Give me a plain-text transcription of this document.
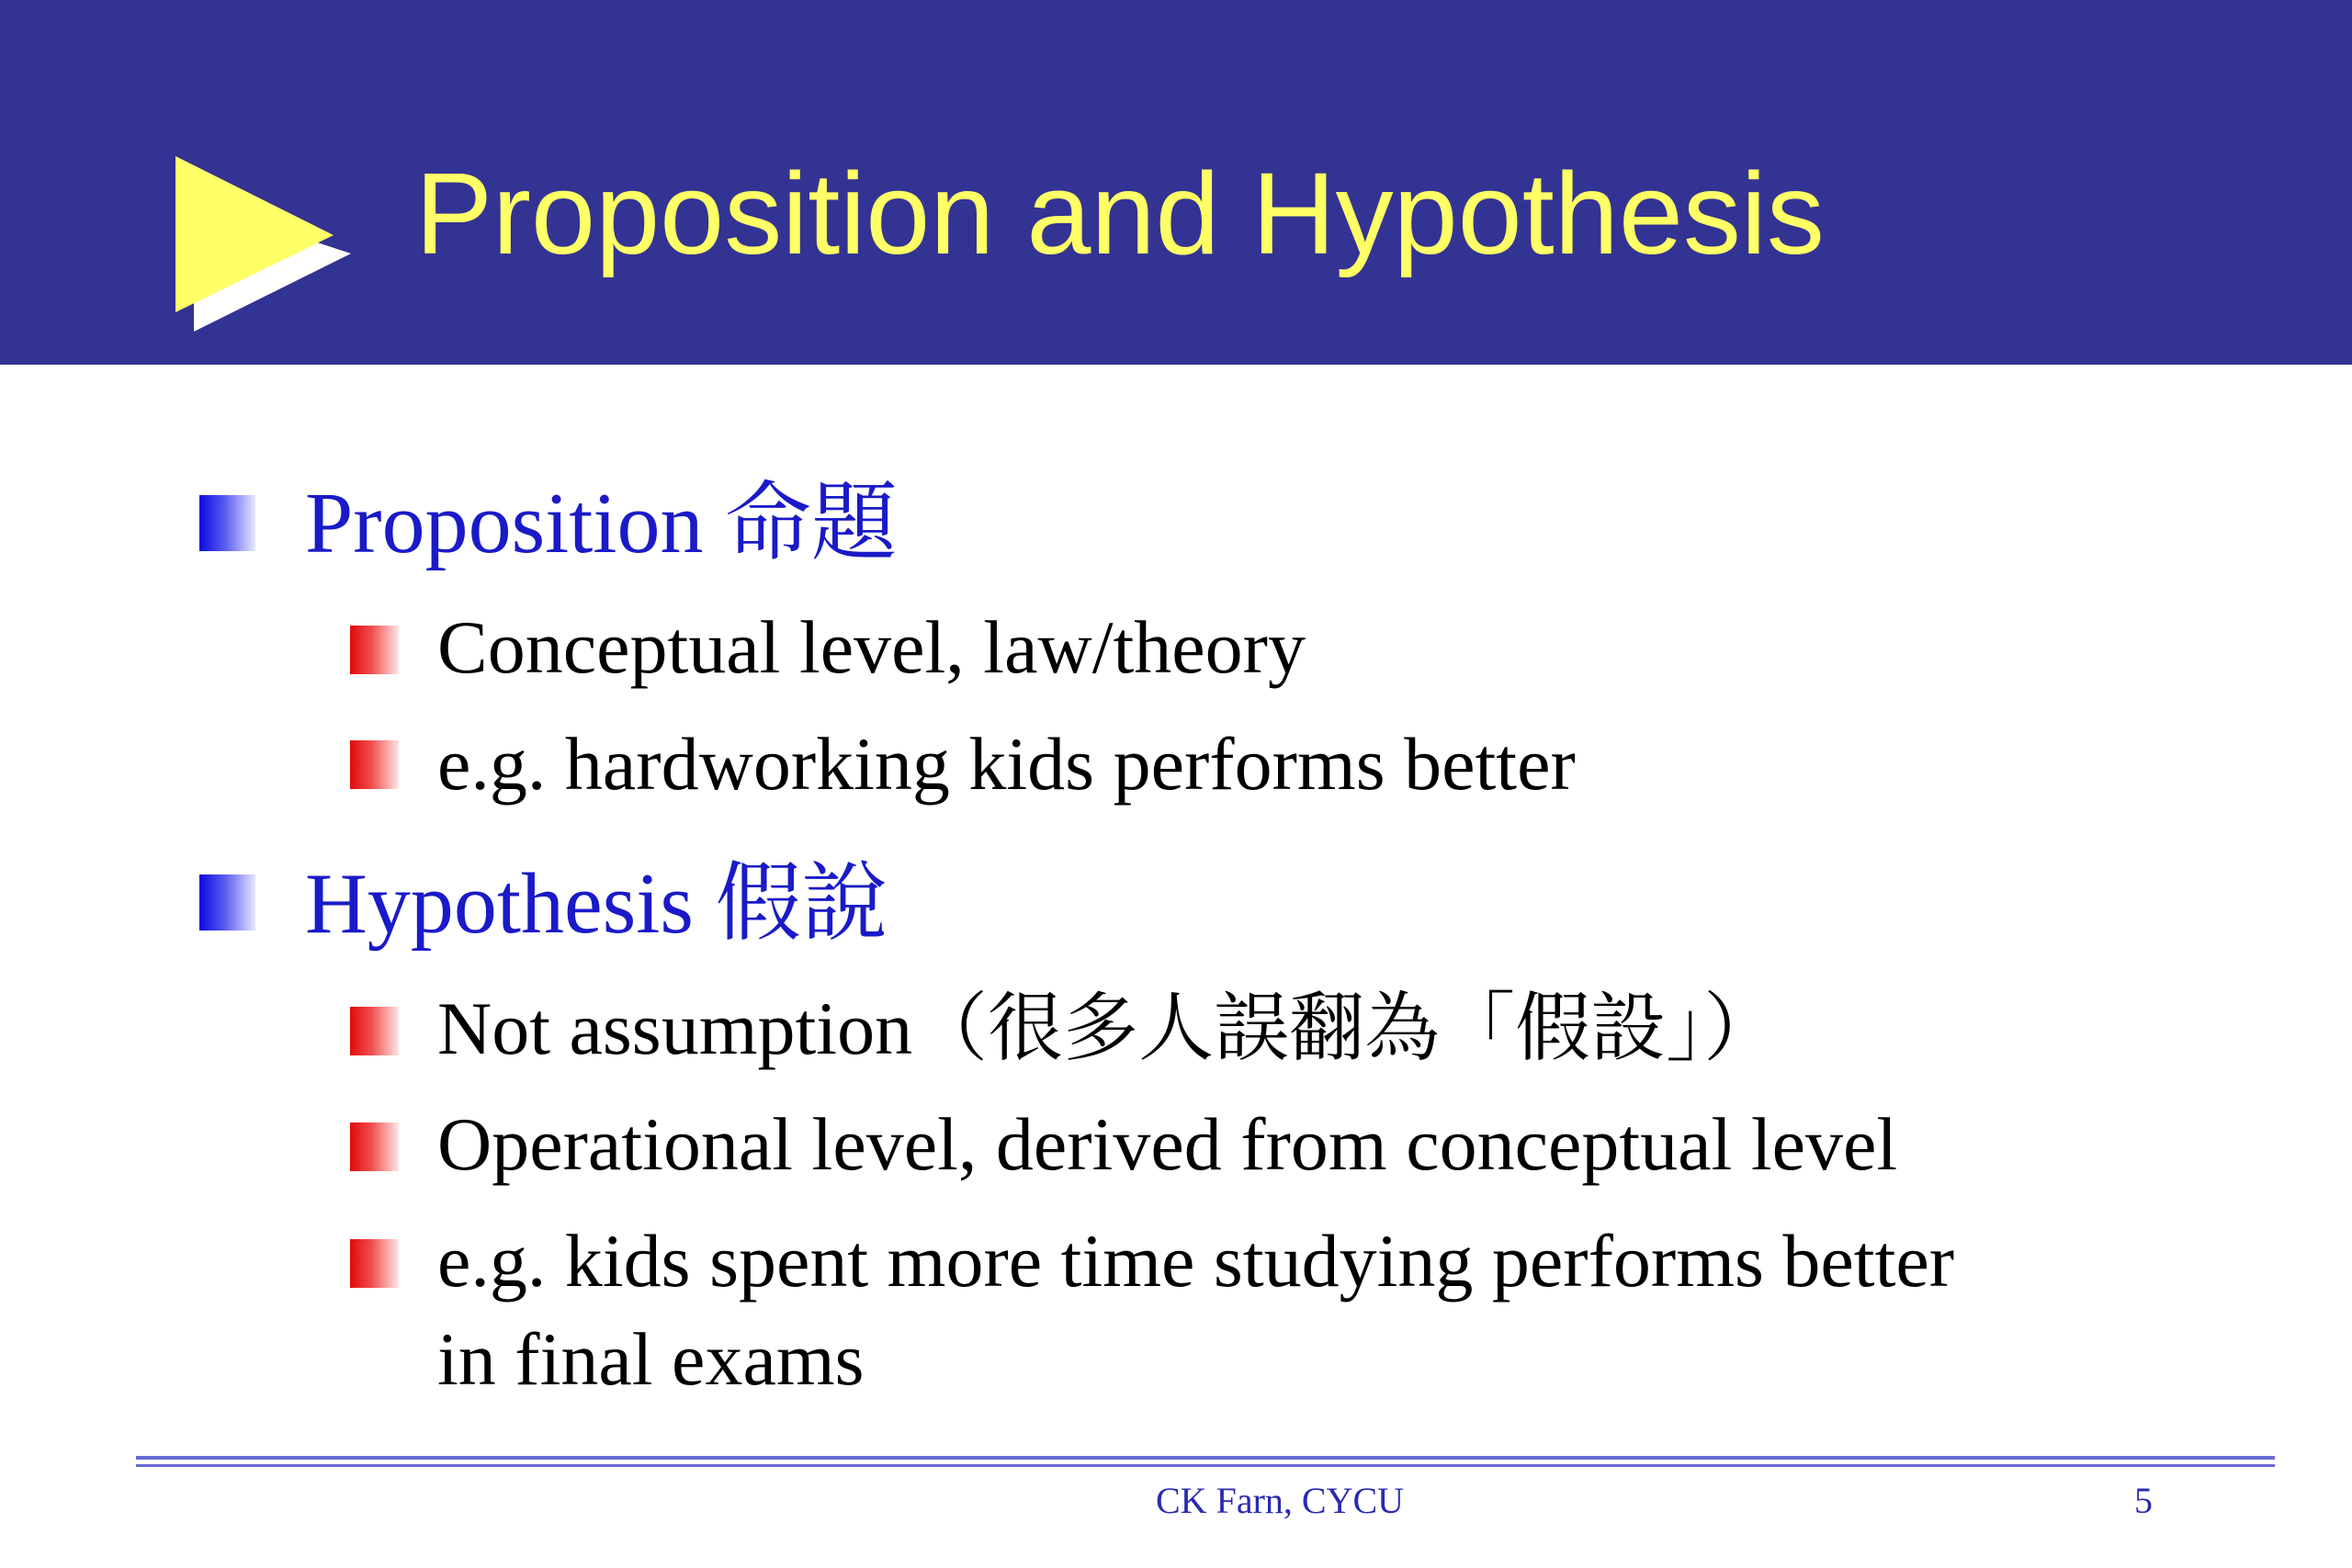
Proposition and Hypothesis
Proposition 命題
Conceptual level, law/theory
e.g. hardworking kids performs better
Hypothesis 假說
Not assumption（很多人誤翻為「假設」）
Operational level, derived from conceptual level
e.g. kids spent more time studying performs better
in final exams
CK Farn, CYCU	5
